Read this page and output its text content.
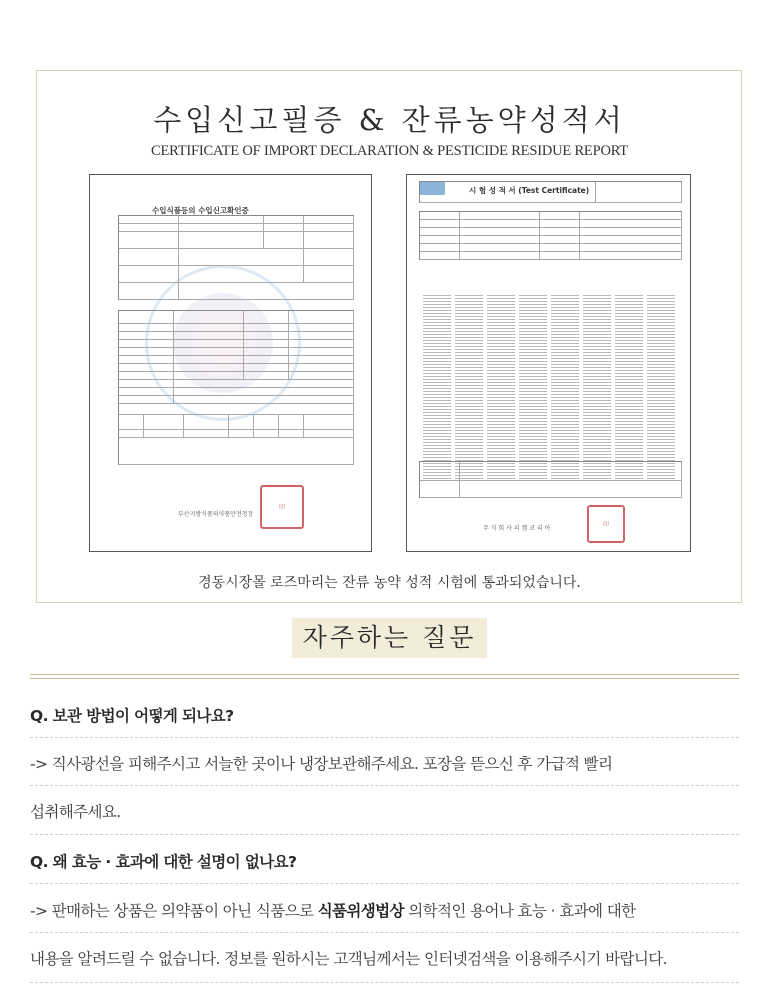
수입신고필증 & 잔류농약성적서
CERTIFICATE OF IMPORT DECLARATION & PESTICIDE RESIDUE REPORT
수입식품등의 수입신고확인증

부산지방식품의약품안전청장
印
시 험 성 적 서 (Test Certificate)

주 식 회 사 피 켐 코 리 아
印
경동시장몰 로즈마리는 잔류 농약 성적 시험에 통과되었습니다.
자주하는 질문
Q. 보관 방법이 어떻게 되나요?
-> 직사광선을 피해주시고 서늘한 곳이나 냉장보관해주세요. 포장을 뜯으신 후 가급적 빨리
섭취해주세요.
Q. 왜 효능 · 효과에 대한 설명이 없나요?
-> 판매하는 상품은 의약품이 아닌 식품으로 식품위생법상 의학적인 용어나 효능 · 효과에 대한
내용을 알려드릴 수 없습니다. 정보를 원하시는 고객님께서는 인터넷검색을 이용해주시기 바랍니다.
